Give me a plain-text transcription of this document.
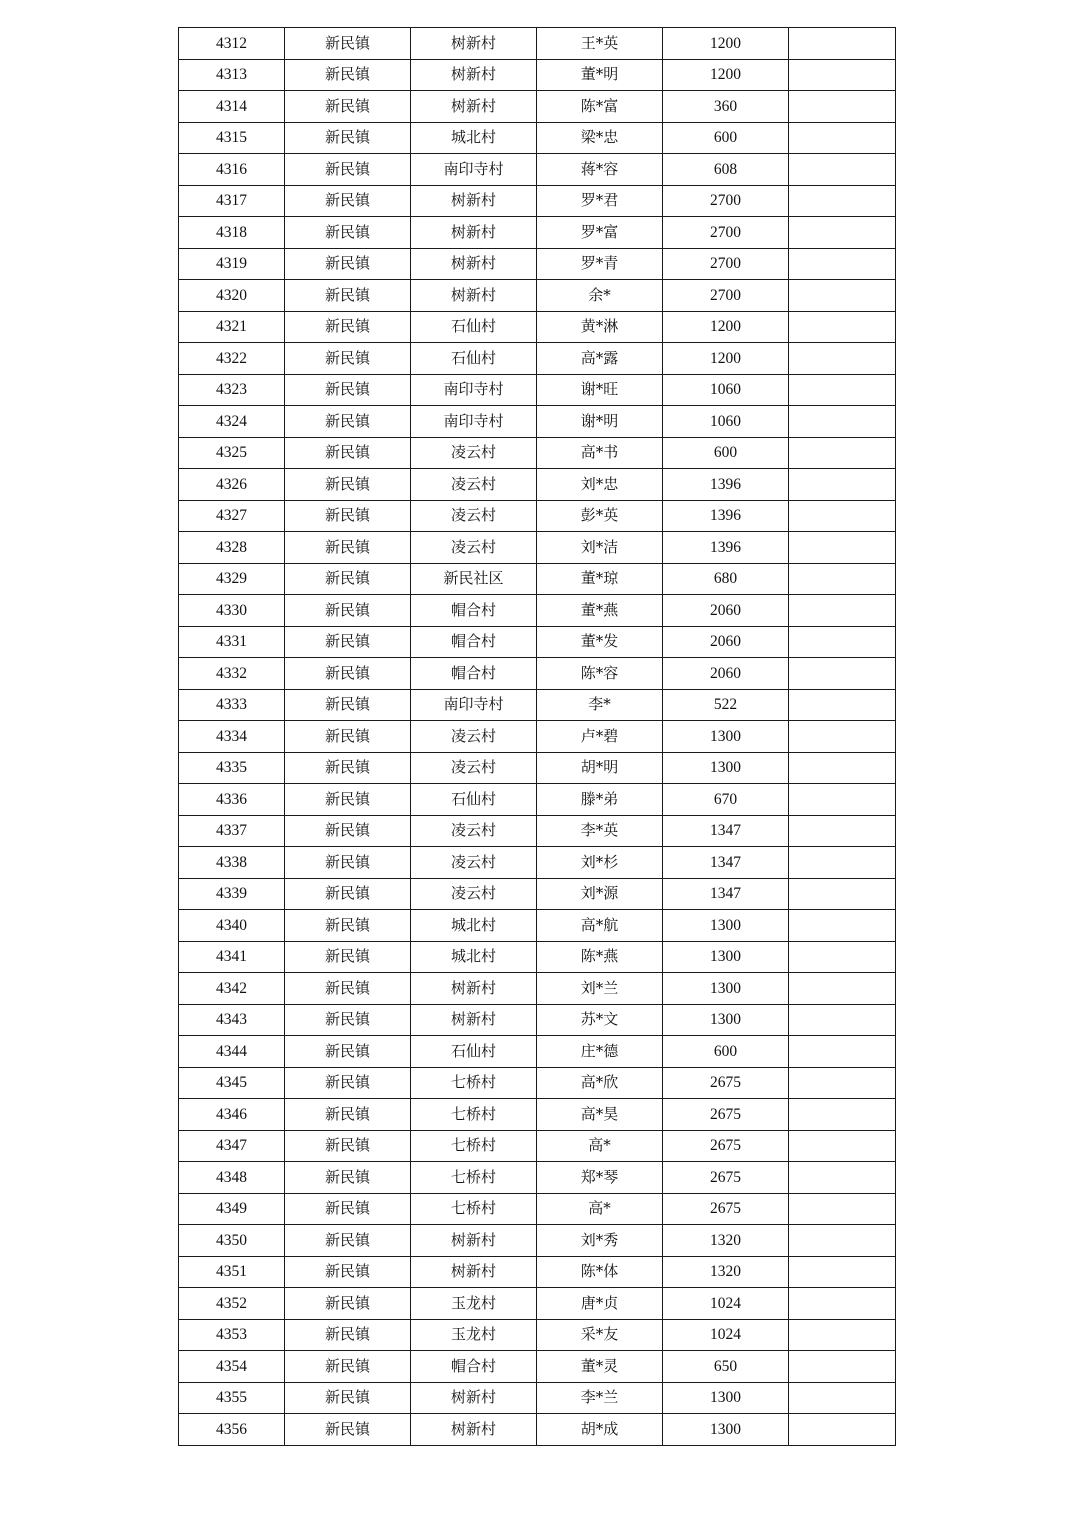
4312	新民镇	树新村	王*英	1200	
4313	新民镇	树新村	董*明	1200	
4314	新民镇	树新村	陈*富	360	
4315	新民镇	城北村	梁*忠	600	
4316	新民镇	南印寺村	蒋*容	608	
4317	新民镇	树新村	罗*君	2700	
4318	新民镇	树新村	罗*富	2700	
4319	新民镇	树新村	罗*青	2700	
4320	新民镇	树新村	余*	2700	
4321	新民镇	石仙村	黄*淋	1200	
4322	新民镇	石仙村	高*露	1200	
4323	新民镇	南印寺村	谢*旺	1060	
4324	新民镇	南印寺村	谢*明	1060	
4325	新民镇	凌云村	高*书	600	
4326	新民镇	凌云村	刘*忠	1396	
4327	新民镇	凌云村	彭*英	1396	
4328	新民镇	凌云村	刘*洁	1396	
4329	新民镇	新民社区	董*琼	680	
4330	新民镇	帽合村	董*燕	2060	
4331	新民镇	帽合村	董*发	2060	
4332	新民镇	帽合村	陈*容	2060	
4333	新民镇	南印寺村	李*	522	
4334	新民镇	凌云村	卢*碧	1300	
4335	新民镇	凌云村	胡*明	1300	
4336	新民镇	石仙村	滕*弟	670	
4337	新民镇	凌云村	李*英	1347	
4338	新民镇	凌云村	刘*杉	1347	
4339	新民镇	凌云村	刘*源	1347	
4340	新民镇	城北村	高*航	1300	
4341	新民镇	城北村	陈*燕	1300	
4342	新民镇	树新村	刘*兰	1300	
4343	新民镇	树新村	苏*文	1300	
4344	新民镇	石仙村	庄*德	600	
4345	新民镇	七桥村	高*欣	2675	
4346	新民镇	七桥村	高*昊	2675	
4347	新民镇	七桥村	高*	2675	
4348	新民镇	七桥村	郑*琴	2675	
4349	新民镇	七桥村	高*	2675	
4350	新民镇	树新村	刘*秀	1320	
4351	新民镇	树新村	陈*体	1320	
4352	新民镇	玉龙村	唐*贞	1024	
4353	新民镇	玉龙村	采*友	1024	
4354	新民镇	帽合村	董*灵	650	
4355	新民镇	树新村	李*兰	1300	
4356	新民镇	树新村	胡*成	1300	
